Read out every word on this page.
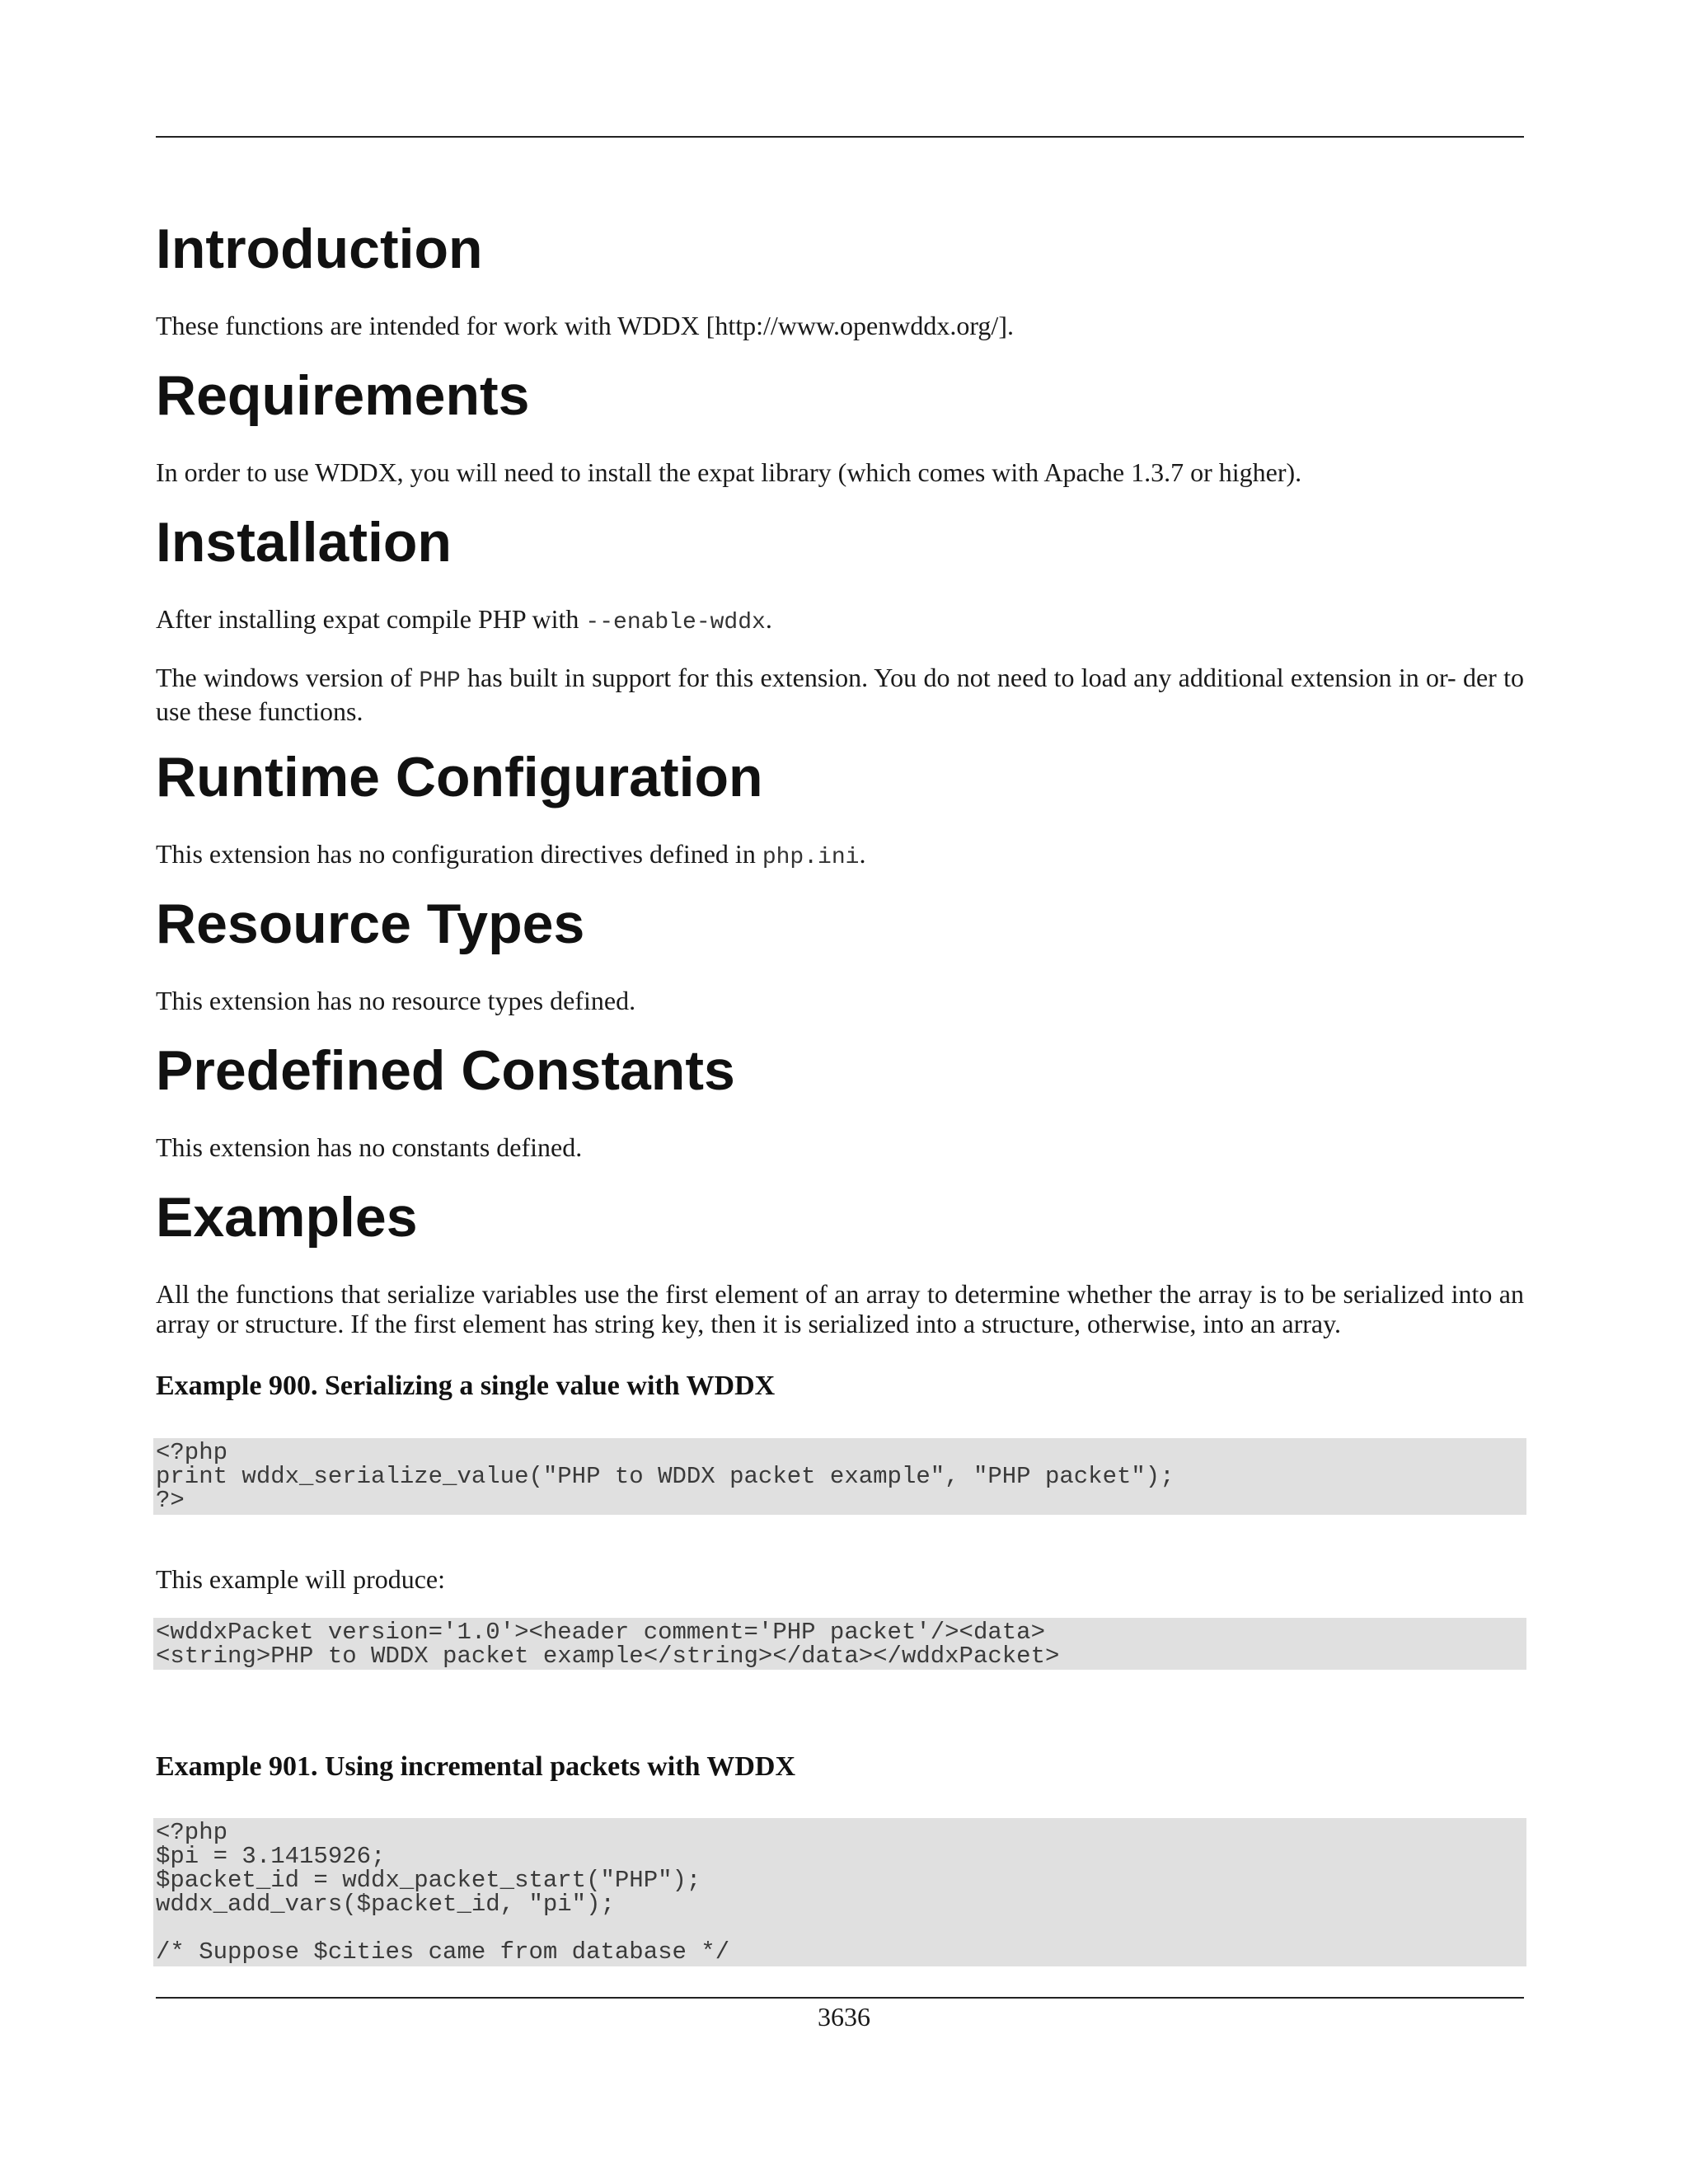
Introduction

These functions are intended for work with WDDX [http://www.openwddx.org/].

Requirements

In order to use WDDX, you will need to install the expat library (which comes with Apache 1.3.7 or higher).

Installation

After installing expat compile PHP with --enable-wddx.

The windows version of PHP has built in support for this extension. You do not need to load any additional extension in or- der to use these functions.

Runtime Configuration

This extension has no configuration directives defined in php.ini.

Resource Types

This extension has no resource types defined.

Predefined Constants

This extension has no constants defined.

Examples

All the functions that serialize variables use the first element of an array to determine whether the array is to be serialized into an array or structure. If the first element has string key, then it is serialized into a structure, otherwise, into an array.

Example 900. Serializing a single value with WDDX

<?php
print wddx_serialize_value("PHP to WDDX packet example", "PHP packet");
?>

This example will produce:

<wddxPacket version='1.0'><header comment='PHP packet'/><data>
<string>PHP to WDDX packet example</string></data></wddxPacket>

Example 901. Using incremental packets with WDDX

<?php
$pi = 3.1415926;
$packet_id = wddx_packet_start("PHP");
wddx_add_vars($packet_id, "pi");
/* Suppose $cities came from database */
3636
